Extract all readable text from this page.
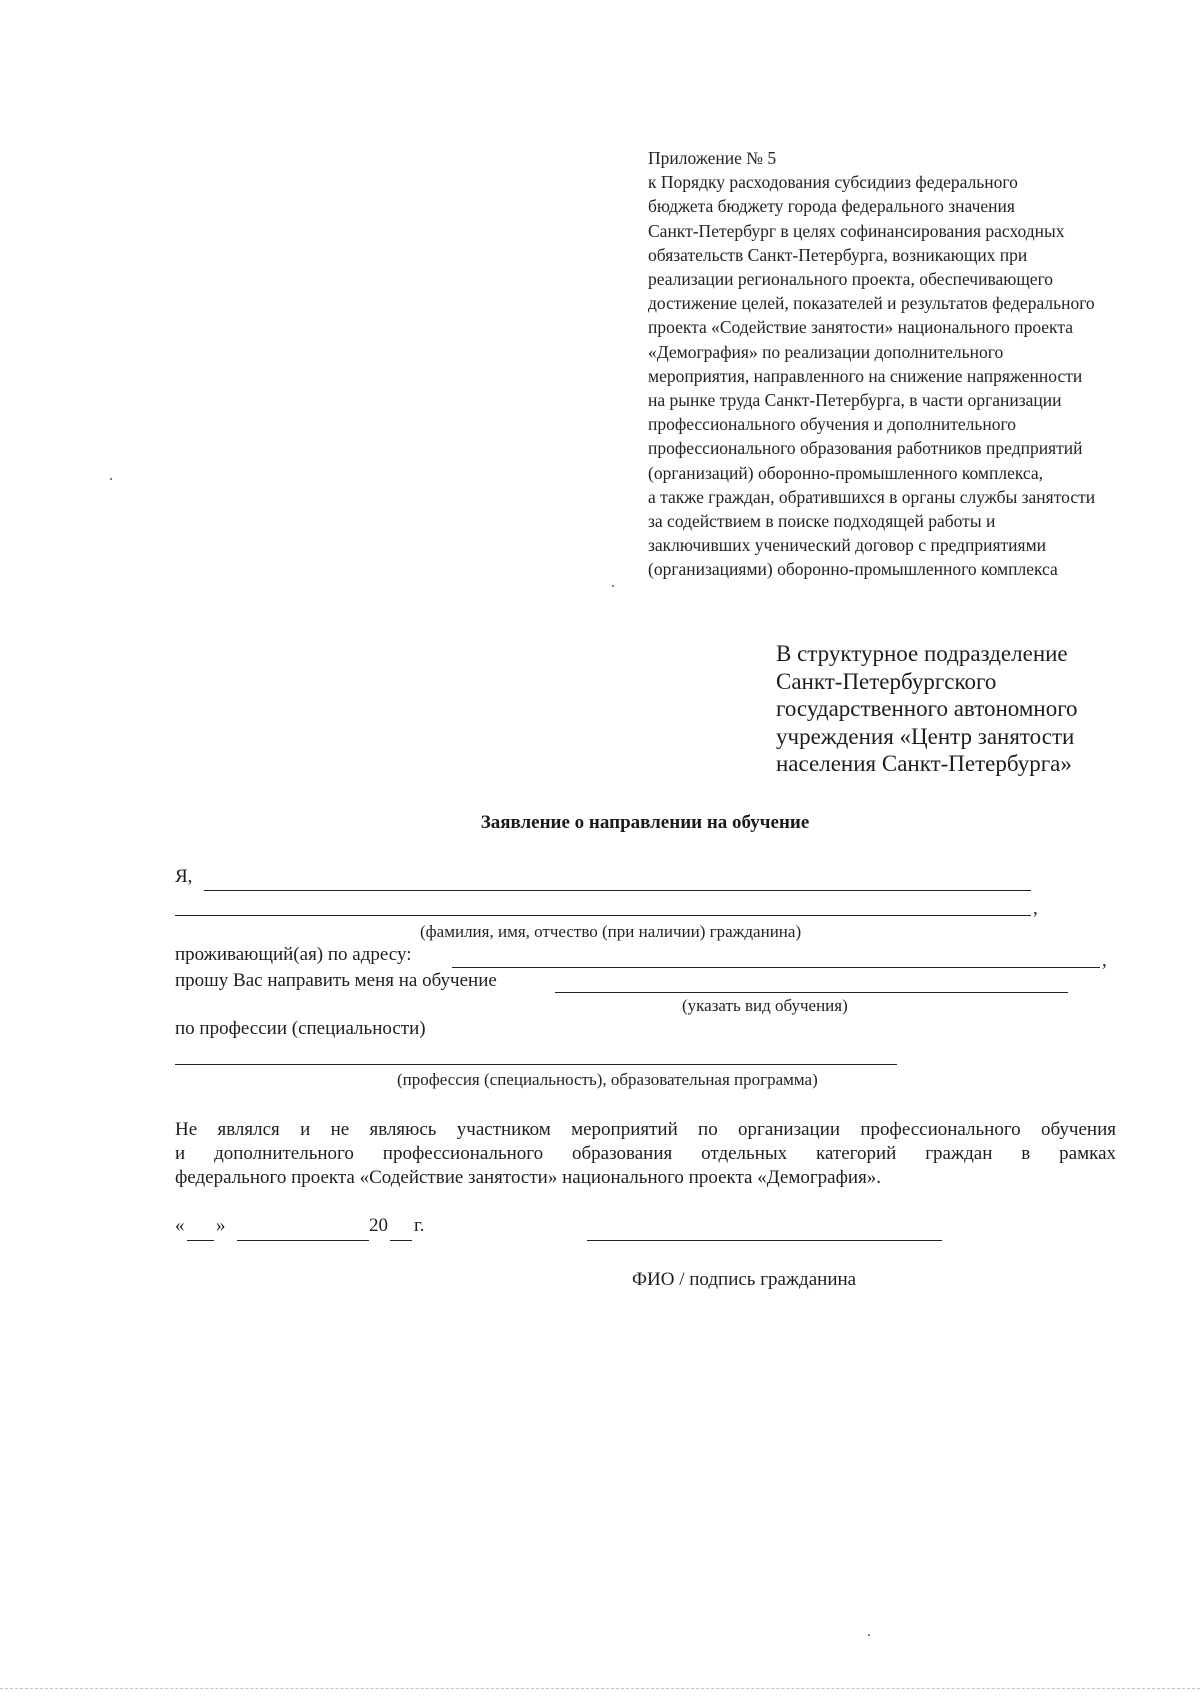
Приложение № 5
к Порядку расходования субсидииз федерального
бюджета бюджету города федерального значения
Санкт-Петербург в целях софинансирования расходных
обязательств Санкт-Петербурга, возникающих при
реализации регионального проекта, обеспечивающего
достижение целей, показателей и результатов федерального
проекта «Содействие занятости» национального проекта
«Демография» по реализации дополнительного
мероприятия, направленного на снижение напряженности
на рынке труда Санкт-Петербурга, в части организации
профессионального обучения и дополнительного
профессионального образования работников предприятий
(организаций) оборонно-промышленного комплекса,
а также граждан, обратившихся в органы службы занятости
за содействием в поиске подходящей работы и
заключивших ученический договор с предприятиями
(организациями) оборонно-промышленного комплекса
В структурное подразделение
Санкт-Петербургского
государственного автономного
учреждения «Центр занятости
населения Санкт-Петербурга»
Заявление о направлении на обучение
Я,
,
(фамилия, имя, отчество (при наличии) гражданина)
проживающий(ая) по адресу:	,
прошу Вас направить меня на обучение
(указать вид обучения)
по профессии (специальности)
(профессия (специальность), образовательная программа)
Не являлся и не являюсь участником мероприятий по организации профессионального обучения
и дополнительного профессионального образования отдельных категорий граждан в рамках
федерального проекта «Содействие занятости» национального проекта «Демография».
« »	20 г.
ФИО / подпись гражданина
